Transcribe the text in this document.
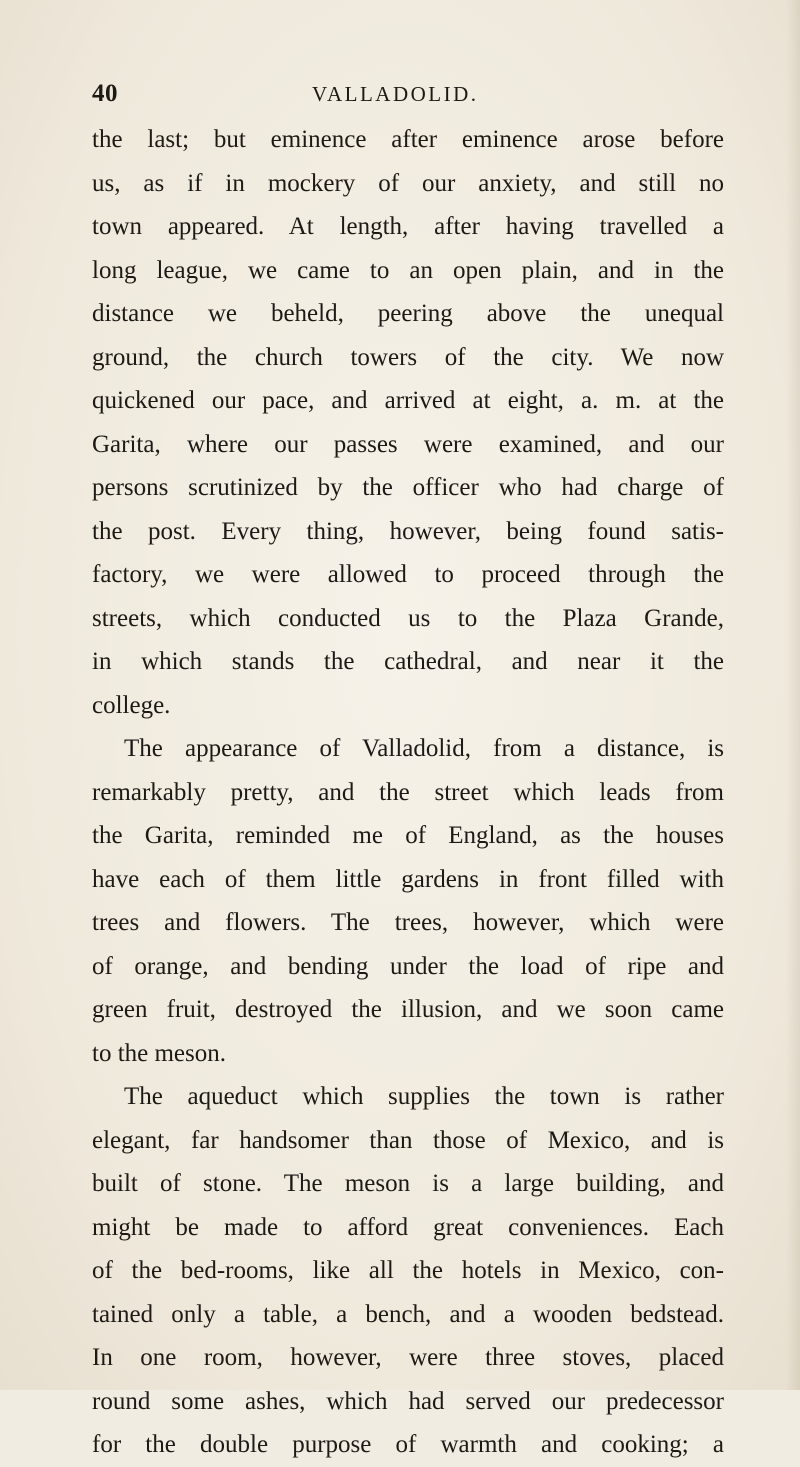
40	VALLADOLID.
the last; but eminence after eminence arose before
us, as if in mockery of our anxiety, and still no
town appeared. At length, after having travelled a
long league, we came to an open plain, and in the
distance we beheld, peering above the unequal
ground, the church towers of the city. We now
quickened our pace, and arrived at eight, a. m. at the
Garita, where our passes were examined, and our
persons scrutinized by the officer who had charge of
the post. Every thing, however, being found satis-
factory, we were allowed to proceed through the
streets, which conducted us to the Plaza Grande,
in which stands the cathedral, and near it the
college.
The appearance of Valladolid, from a distance, is
remarkably pretty, and the street which leads from
the Garita, reminded me of England, as the houses
have each of them little gardens in front filled with
trees and flowers. The trees, however, which were
of orange, and bending under the load of ripe and
green fruit, destroyed the illusion, and we soon came
to the meson.
The aqueduct which supplies the town is rather
elegant, far handsomer than those of Mexico, and is
built of stone. The meson is a large building, and
might be made to afford great conveniences. Each
of the bed-rooms, like all the hotels in Mexico, con-
tained only a table, a bench, and a wooden bedstead.
In one room, however, were three stoves, placed
round some ashes, which had served our predecessor
for the double purpose of warmth and cooking; a
